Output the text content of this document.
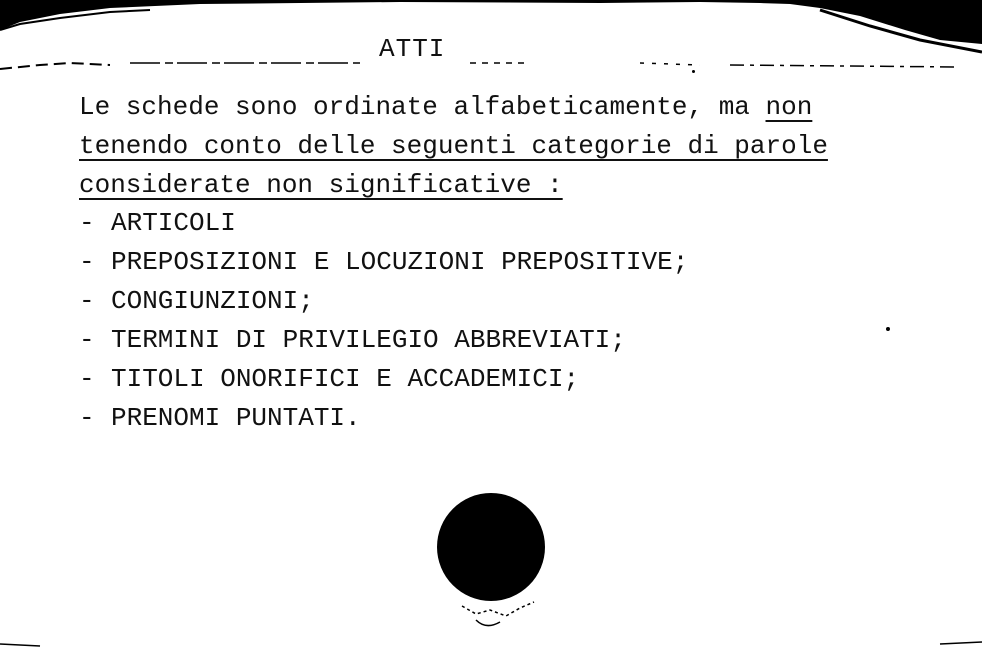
ATTI
Le schede sono ordinate alfabeticamente, ma non
tenendo conto delle seguenti categorie di parole
considerate non significative :
- ARTICOLI
- PREPOSIZIONI E LOCUZIONI PREPOSITIVE;
- CONGIUNZIONI;
- TERMINI DI PRIVILEGIO ABBREVIATI;
- TITOLI ONORIFICI E ACCADEMICI;
- PRENOMI PUNTATI.
